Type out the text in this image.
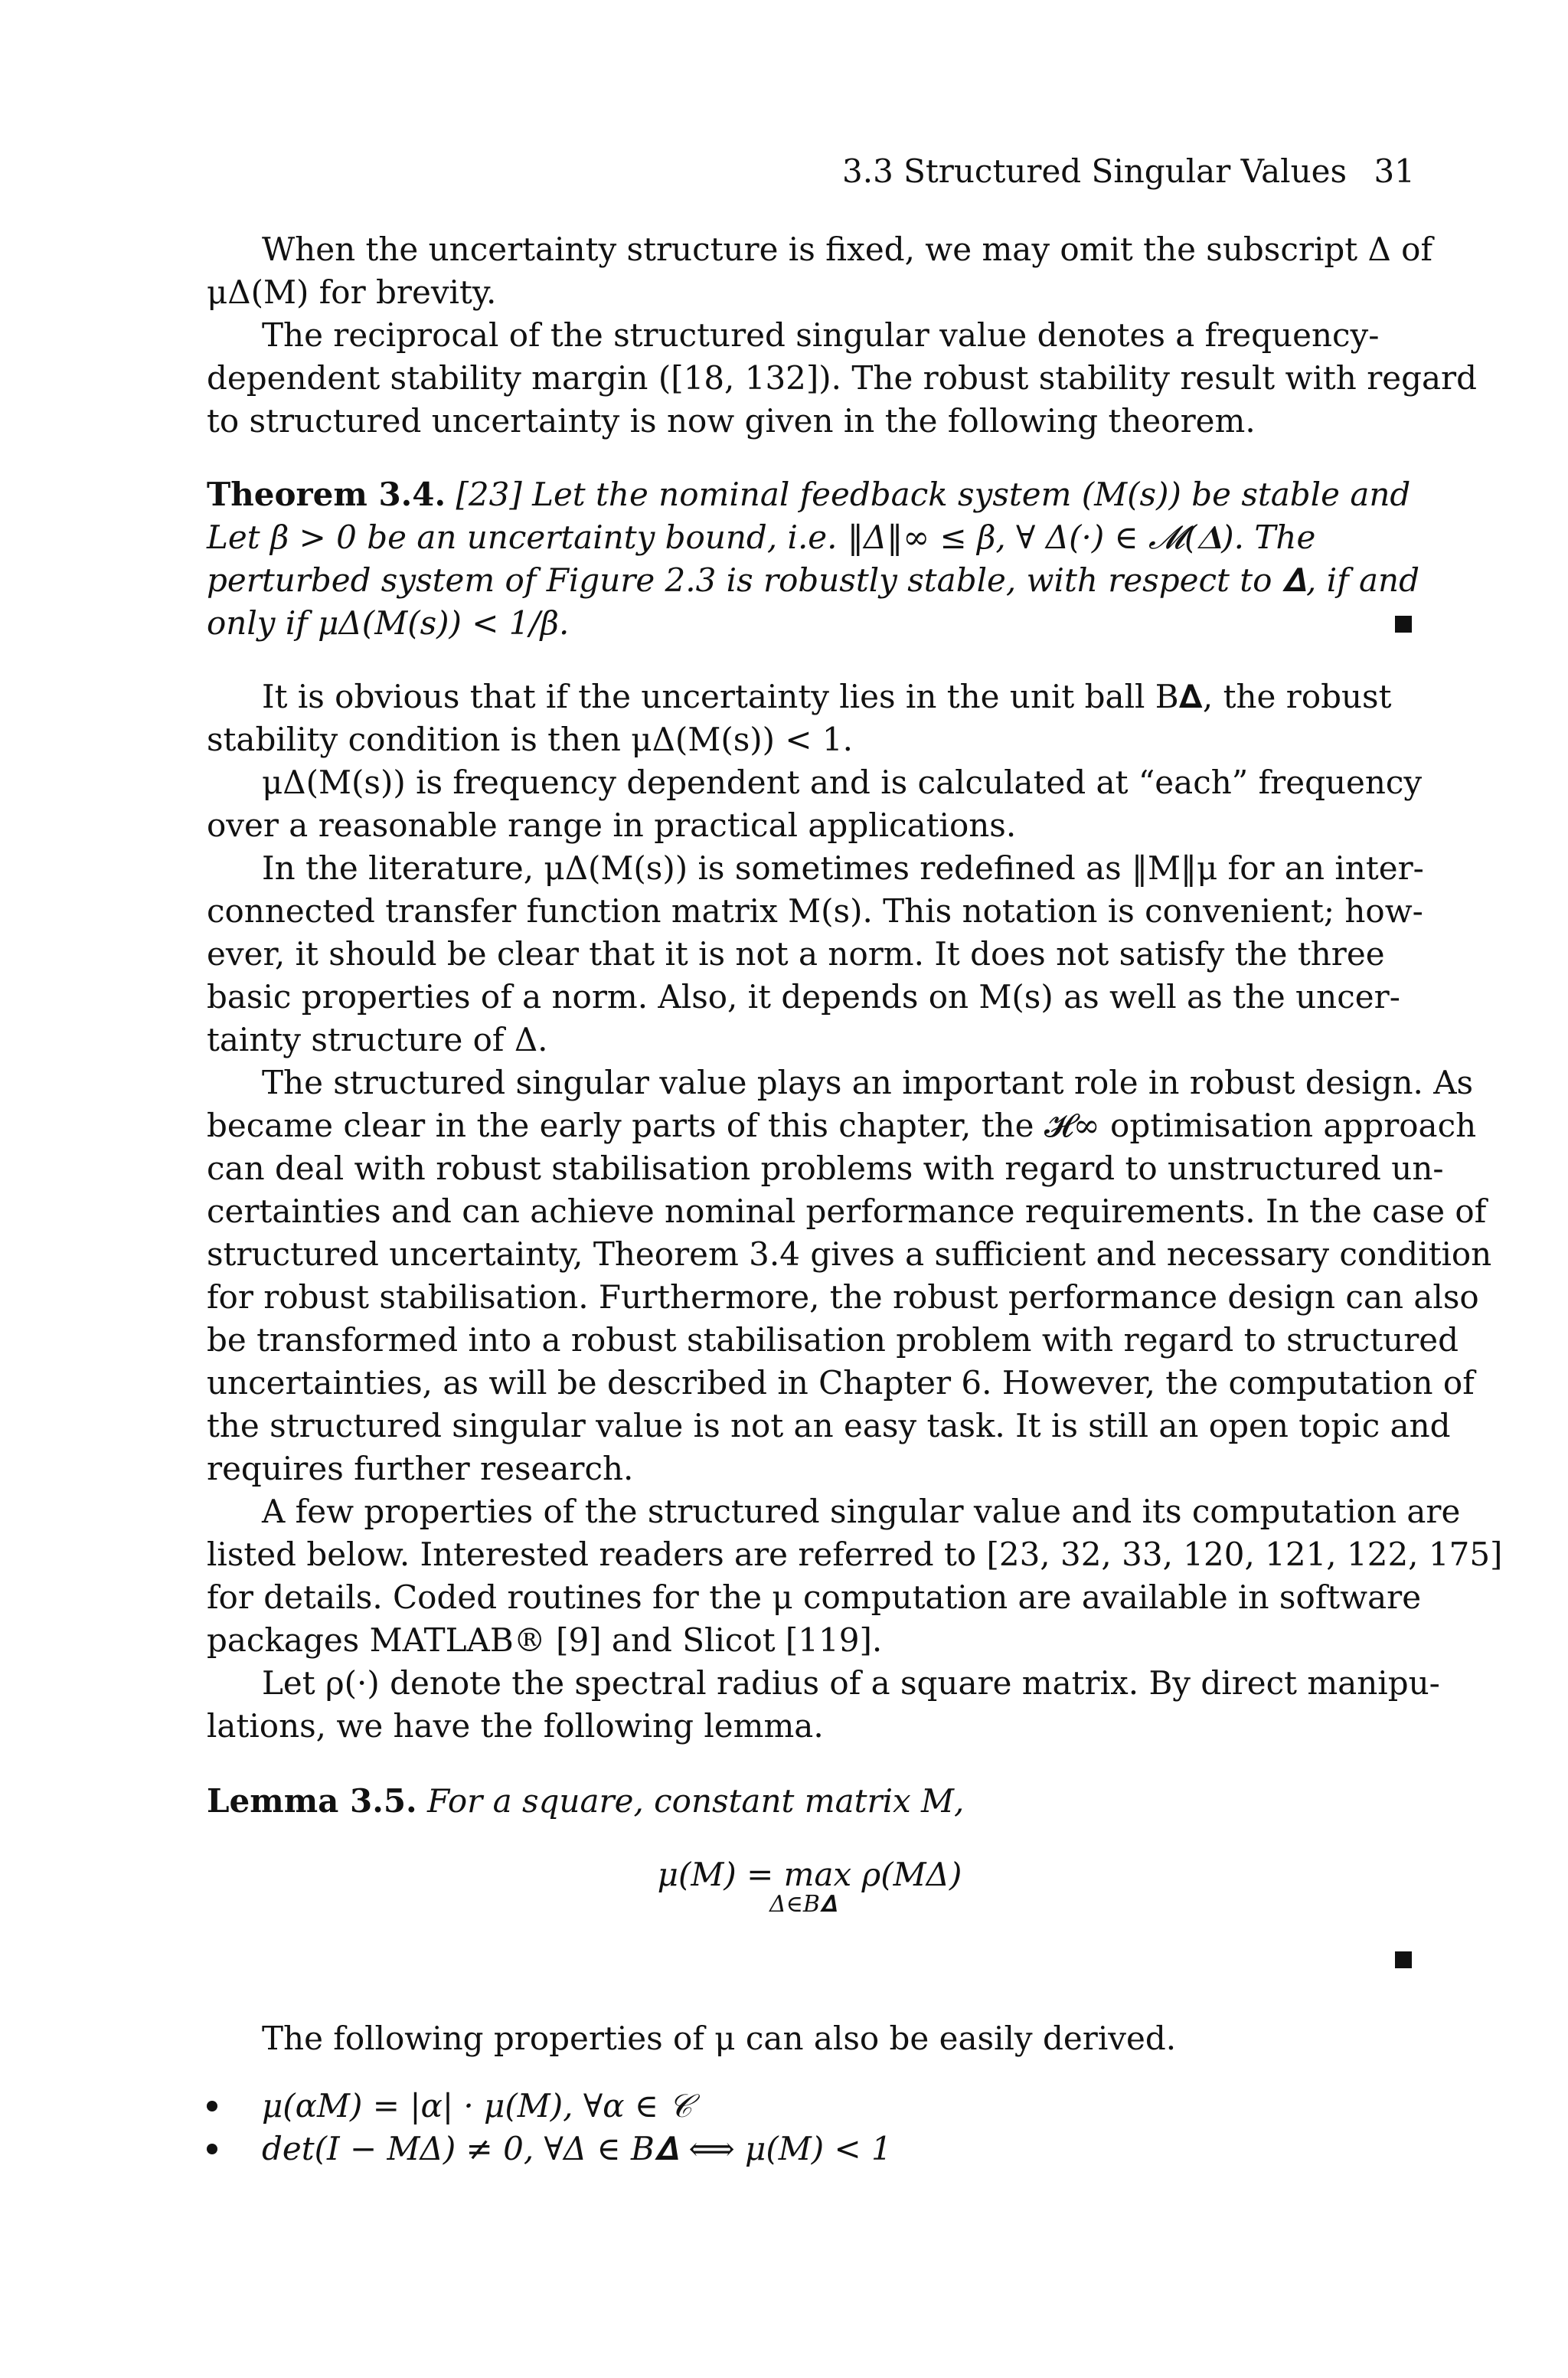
3.3 Structured Singular Values 31
When the uncertainty structure is fixed, we may omit the subscript Δ of
μΔ(M) for brevity.
The reciprocal of the structured singular value denotes a frequency-
dependent stability margin ([18, 132]). The robust stability result with regard
to structured uncertainty is now given in the following theorem.
Theorem 3.4. [23] Let the nominal feedback system (M(s)) be stable and
Let β > 0 be an uncertainty bound, i.e. ‖Δ‖∞ ≤ β, ∀ Δ(·) ∈ 𝓜(𝚫). The
perturbed system of Figure 2.3 is robustly stable, with respect to 𝚫, if and
only if μΔ(M(s)) < 1/β.
It is obvious that if the uncertainty lies in the unit ball B𝚫, the robust
stability condition is then μΔ(M(s)) < 1.
μΔ(M(s)) is frequency dependent and is calculated at “each” frequency
over a reasonable range in practical applications.
In the literature, μΔ(M(s)) is sometimes redefined as ‖M‖μ for an inter-
connected transfer function matrix M(s). This notation is convenient; how-
ever, it should be clear that it is not a norm. It does not satisfy the three
basic properties of a norm. Also, it depends on M(s) as well as the uncer-
tainty structure of Δ.
The structured singular value plays an important role in robust design. As
became clear in the early parts of this chapter, the 𝓗∞ optimisation approach
can deal with robust stabilisation problems with regard to unstructured un-
certainties and can achieve nominal performance requirements. In the case of
structured uncertainty, Theorem 3.4 gives a sufficient and necessary condition
for robust stabilisation. Furthermore, the robust performance design can also
be transformed into a robust stabilisation problem with regard to structured
uncertainties, as will be described in Chapter 6. However, the computation of
the structured singular value is not an easy task. It is still an open topic and
requires further research.
A few properties of the structured singular value and its computation are
listed below. Interested readers are referred to [23, 32, 33, 120, 121, 122, 175]
for details. Coded routines for the μ computation are available in software
packages MATLAB® [9] and Slicot [119].
Let ρ(·) denote the spectral radius of a square matrix. By direct manipu-
lations, we have the following lemma.
Lemma 3.5. For a square, constant matrix M,
μ(M) = max ρ(MΔ)
Δ∈B𝚫
The following properties of μ can also be easily derived.
μ(αM) = |α| · μ(M), ∀α ∈ 𝒞
det(I − MΔ) ≠ 0, ∀Δ ∈ B𝚫 ⟺ μ(M) < 1
